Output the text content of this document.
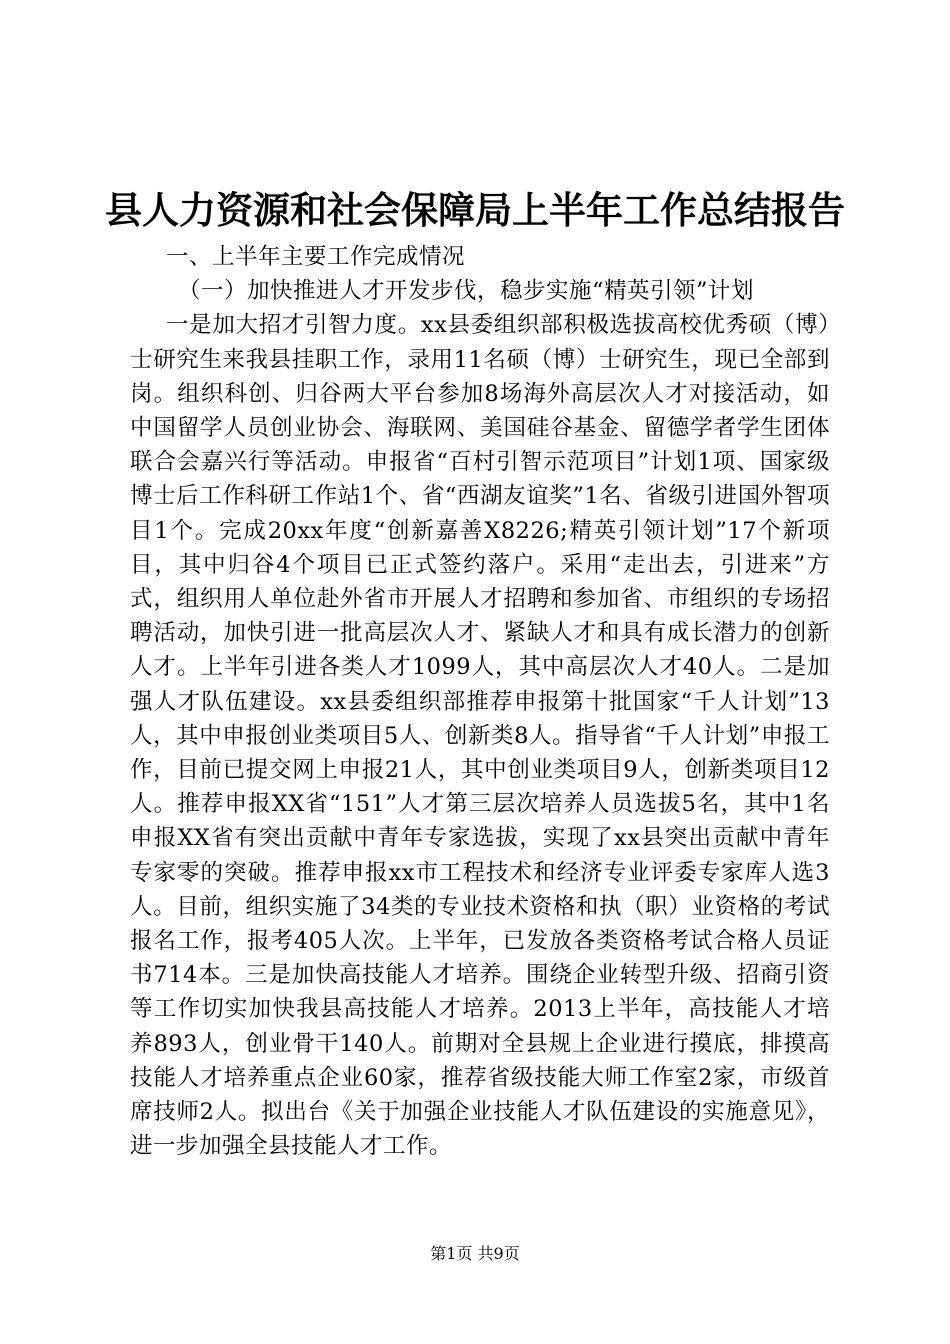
县人力资源和社会保障局上半年工作总结报告

一、上半年主要工作完成情况

（一）加快推进人才开发步伐，稳步实施“精英引领”计划

一是加大招才引智力度。xx县委组织部积极选拔高校优秀硕（博）士研究生来我县挂职工作，录用11名硕（博）士研究生，现已全部到岗。组织科创、归谷两大平台参加8场海外高层次人才对接活动，如中国留学人员创业协会、海联网、美国硅谷基金、留德学者学生团体联合会嘉兴行等活动。申报省“百村引智示范项目”计划1项、国家级博士后工作科研工作站1个、省“西湖友谊奖”1名、省级引进国外智项目1个。完成20xx年度“创新嘉善X8226;精英引领计划”17个新项目，其中归谷4个项目已正式签约落户。采用“走出去，引进来”方式，组织用人单位赴外省市开展人才招聘和参加省、市组织的专场招聘活动，加快引进一批高层次人才、紧缺人才和具有成长潜力的创新人才。上半年引进各类人才1099人，其中高层次人才40人。二是加强人才队伍建设。xx县委组织部推荐申报第十批国家“千人计划”13人，其中申报创业类项目5人、创新类8人。指导省“千人计划”申报工作，目前已提交网上申报21人，其中创业类项目9人，创新类项目12人。推荐申报XX省“151”人才第三层次培养人员选拔5名，其中1名申报XX省有突出贡献中青年专家选拔，实现了xx县突出贡献中青年专家零的突破。推荐申报xx市工程技术和经济专业评委专家库人选3人。目前，组织实施了34类的专业技术资格和执（职）业资格的考试报名工作，报考405人次。上半年，已发放各类资格考试合格人员证书714本。三是加快高技能人才培养。围绕企业转型升级、招商引资等工作切实加快我县高技能人才培养。2013上半年，高技能人才培养893人，创业骨干140人。前期对全县规上企业进行摸底，排摸高技能人才培养重点企业60家，推荐省级技能大师工作室2家，市级首席技师2人。拟出台《关于加强企业技能人才队伍建设的实施意见》，进一步加强全县技能人才工作。

第1页 共9页
